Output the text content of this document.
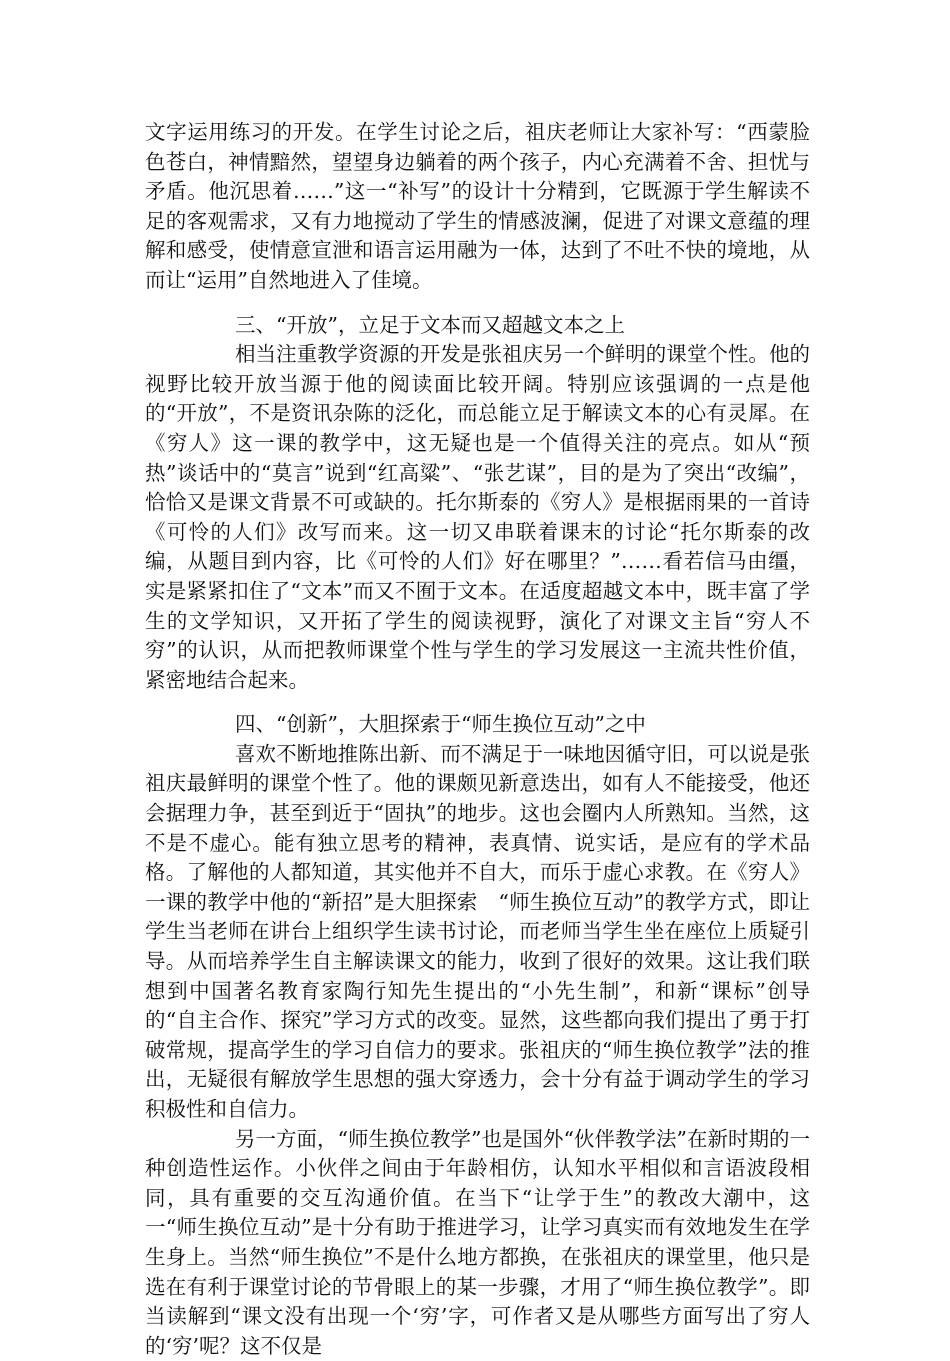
文字运用练习的开发。在学生讨论之后，祖庆老师让大家补写：“西蒙脸色苍白，神情黯然，望望身边躺着的两个孩子，内心充满着不舍、担忧与矛盾。他沉思着……”这一“补写”的设计十分精到，它既源于学生解读不足的客观需求，又有力地搅动了学生的情感波澜，促进了对课文意蕴的理解和感受，使情意宣泄和语言运用融为一体，达到了不吐不快的境地，从而让“运用”自然地进入了佳境。

三、“开放”，立足于文本而又超越文本之上

相当注重教学资源的开发是张祖庆另一个鲜明的课堂个性。他的视野比较开放当源于他的阅读面比较开阔。特别应该强调的一点是他的“开放”，不是资讯杂陈的泛化，而总能立足于解读文本的心有灵犀。在《穷人》这一课的教学中，这无疑也是一个值得关注的亮点。如从“预热”谈话中的“莫言”说到“红高粱”、“张艺谋”，目的是为了突出“改编”，恰恰又是课文背景不可或缺的。托尔斯泰的《穷人》是根据雨果的一首诗《可怜的人们》改写而来。这一切又串联着课末的讨论“托尔斯泰的改编，从题目到内容，比《可怜的人们》好在哪里？”……看若信马由缰，实是紧紧扣住了“文本”而又不囿于文本。在适度超越文本中，既丰富了学生的文学知识，又开拓了学生的阅读视野，演化了对课文主旨“穷人不穷”的认识，从而把教师课堂个性与学生的学习发展这一主流共性价值，紧密地结合起来。

四、“创新”，大胆探索于“师生换位互动”之中

喜欢不断地推陈出新、而不满足于一味地因循守旧，可以说是张祖庆最鲜明的课堂个性了。他的课颇见新意迭出，如有人不能接受，他还会据理力争，甚至到近于“固执”的地步。这也会圈内人所熟知。当然，这不是不虚心。能有独立思考的精神，表真情、说实话，是应有的学术品格。了解他的人都知道，其实他并不自大，而乐于虚心求教。在《穷人》一课的教学中他的“新招”是大胆探索　“师生换位互动”的教学方式，即让学生当老师在讲台上组织学生读书讨论，而老师当学生坐在座位上质疑引导。从而培养学生自主解读课文的能力，收到了很好的效果。这让我们联想到中国著名教育家陶行知先生提出的“小先生制”，和新“课标”创导的“自主合作、探究”学习方式的改变。显然，这些都向我们提出了勇于打破常规，提高学生的学习自信力的要求。张祖庆的“师生换位教学”法的推出，无疑很有解放学生思想的强大穿透力，会十分有益于调动学生的学习积极性和自信力。

另一方面，“师生换位教学”也是国外“伙伴教学法”在新时期的一种创造性运作。小伙伴之间由于年龄相仿，认知水平相似和言语波段相同，具有重要的交互沟通价值。在当下“让学于生”的教改大潮中，这一“师生换位互动”是十分有助于推进学习，让学习真实而有效地发生在学生身上。当然“师生换位”不是什么地方都换，在张祖庆的课堂里，他只是选在有利于课堂讨论的节骨眼上的某一步骤，才用了“师生换位教学”。即当读解到“课文没有出现一个‘穷’字，可作者又是从哪些方面写出了穷人的‘穷’呢？这不仅是
